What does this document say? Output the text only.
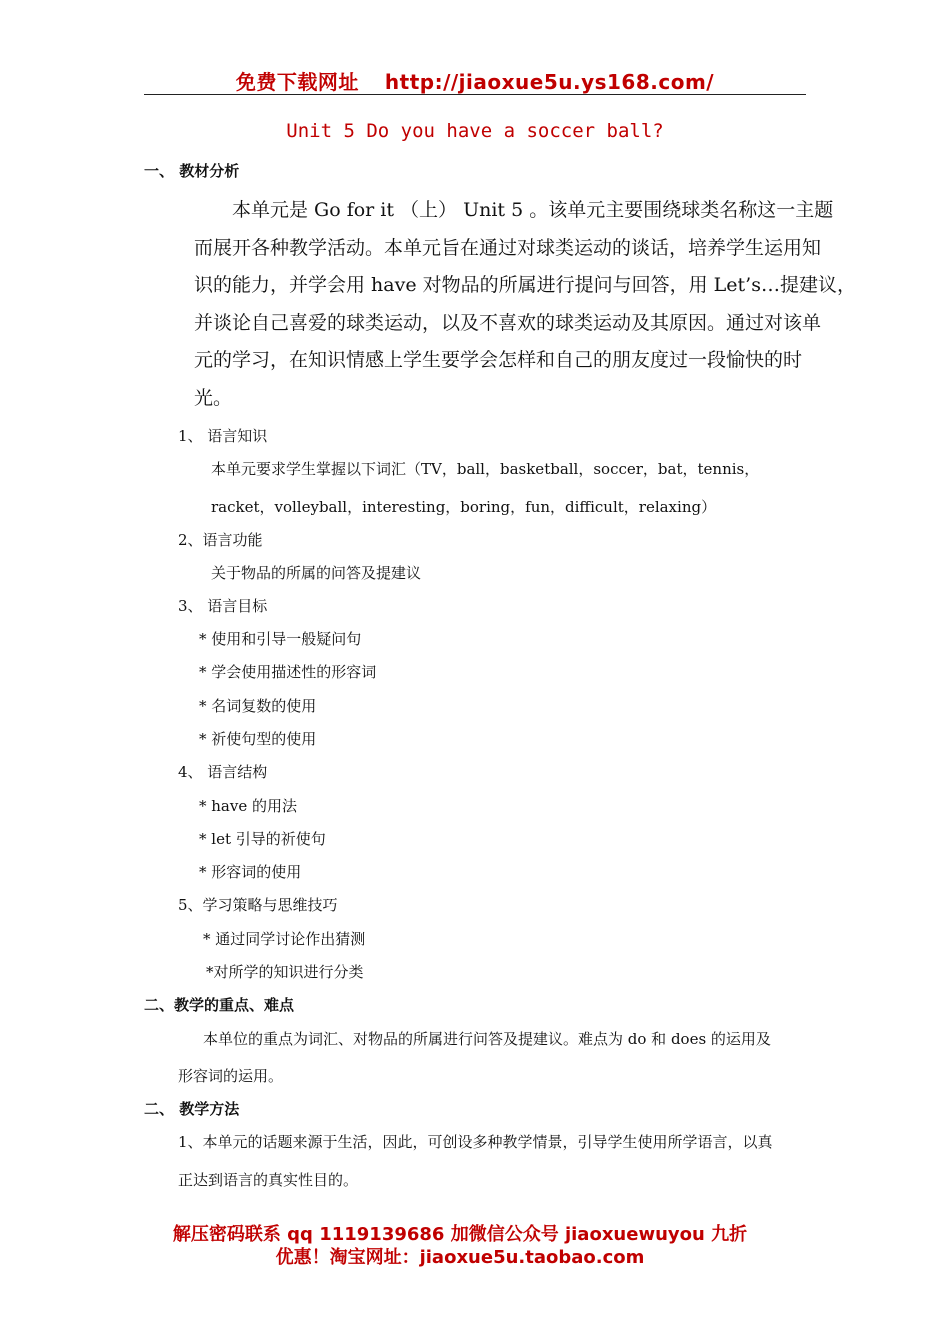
免费下载网址 http://jiaoxue5u.ys168.com/
Unit 5 Do you have a soccer ball?
一、 教材分析

本单元是 Go for it （上） Unit 5 。该单元主要围绕球类名称这一主题

而展开各种教学活动。本单元旨在通过对球类运动的谈话，培养学生运用知

识的能力，并学会用 have 对物品的所属进行提问与回答，用 Let’s…提建议，

并谈论自己喜爱的球类运动，以及不喜欢的球类运动及其原因。通过对该单

元的学习，在知识情感上学生要学会怎样和自己的朋友度过一段愉快的时

光。

1、 语言知识
本单元要求学生掌握以下词汇（TV，ball，basketball，soccer，bat，tennis，
racket，volleyball，interesting，boring，fun，difficult，relaxing）
2、语言功能
关于物品的所属的问答及提建议
3、 语言目标
* 使用和引导一般疑问句
* 学会使用描述性的形容词
* 名词复数的使用
* 祈使句型的使用
4、 语言结构
* have 的用法
* let 引导的祈使句
* 形容词的使用
5、学习策略与思维技巧
* 通过同学讨论作出猜测
*对所学的知识进行分类
二、教学的重点、难点
本单位的重点为词汇、对物品的所属进行问答及提建议。难点为 do 和 does 的运用及
形容词的运用。
二、 教学方法
1、本单元的话题来源于生活，因此，可创设多种教学情景，引导学生使用所学语言，以真
正达到语言的真实性目的。
解压密码联系 qq 1119139686 加微信公众号 jiaoxuewuyou 九折
优惠！淘宝网址：jiaoxue5u.taobao.com
